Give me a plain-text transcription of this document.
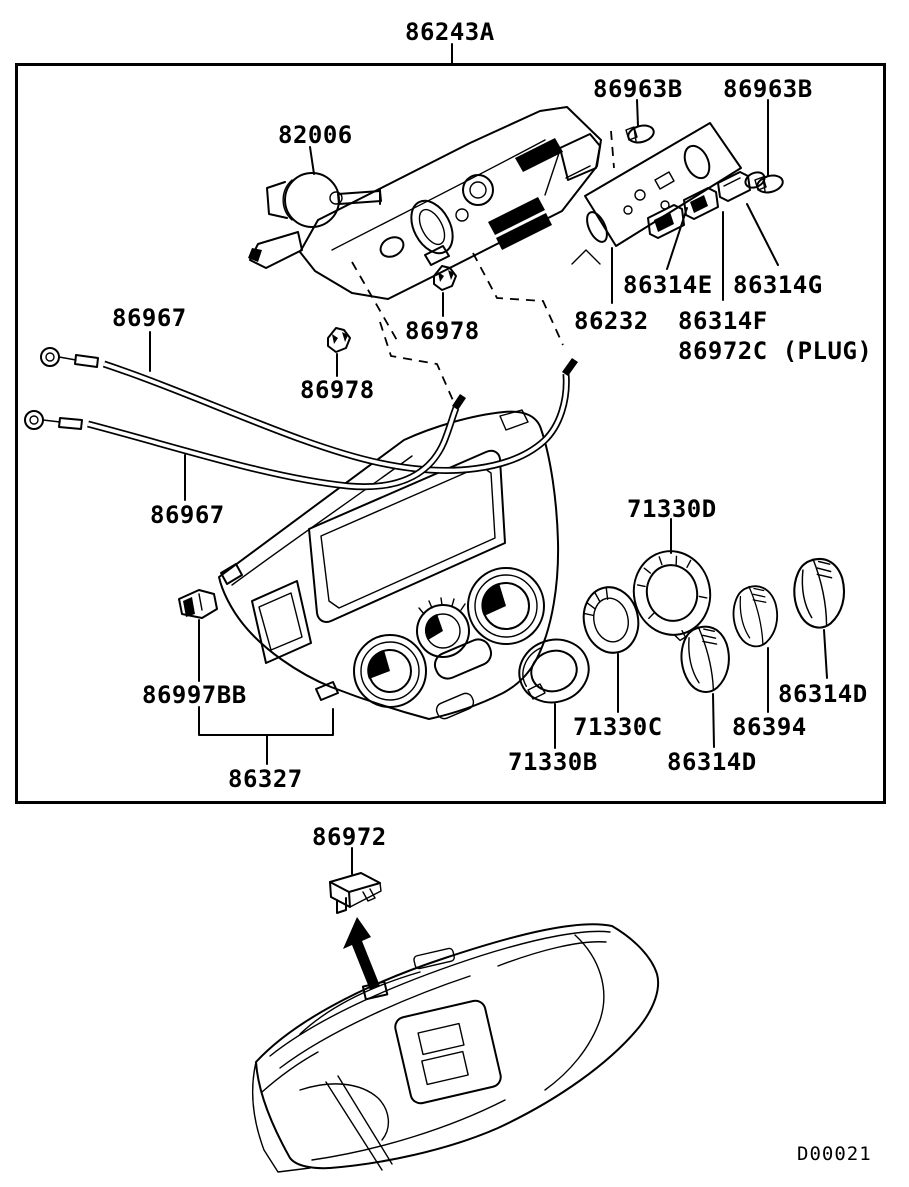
86243A
86963B 86963B
82006
86314E 86314G
86232 86314F
86972C (PLUG)
86967	86978
86978
86967	71330D
86997BB	86314D
71330C	86394
71330B	86314D
86327
86972
D00021
